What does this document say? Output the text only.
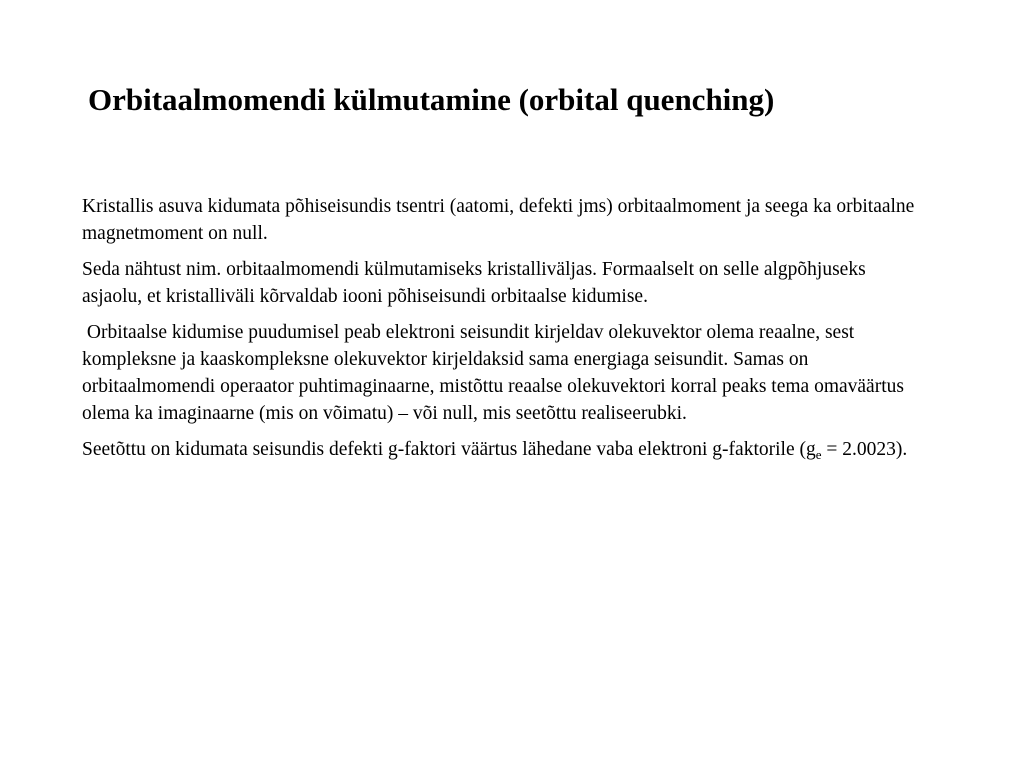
Orbitaalmomendi külmutamine (orbital quenching)

Kristallis asuva kidumata põhiseisundis tsentri (aatomi, defekti jms) orbitaalmoment ja seega ka orbitaalne magnetmoment on null.

Seda nähtust nim. orbitaalmomendi külmutamiseks kristalliväljas. Formaalselt on selle algpõhjuseks  asjaolu, et kristalliväli kõrvaldab iooni põhiseisundi orbitaalse kidumise.

Orbitaalse kidumise puudumisel peab elektroni seisundit kirjeldav olekuvektor olema reaalne, sest kompleksne ja kaaskompleksne olekuvektor kirjeldaksid sama energiaga seisundit. Samas on orbitaalmomendi operaator puhtimaginaarne, mistõttu reaalse olekuvektori korral peaks tema omaväärtus olema ka imaginaarne (mis on võimatu) – või null, mis seetõttu realiseerubki.

Seetõttu on kidumata seisundis defekti g-faktori väärtus lähedane vaba elektroni g-faktorile $(g_e = 2.0023)$.
